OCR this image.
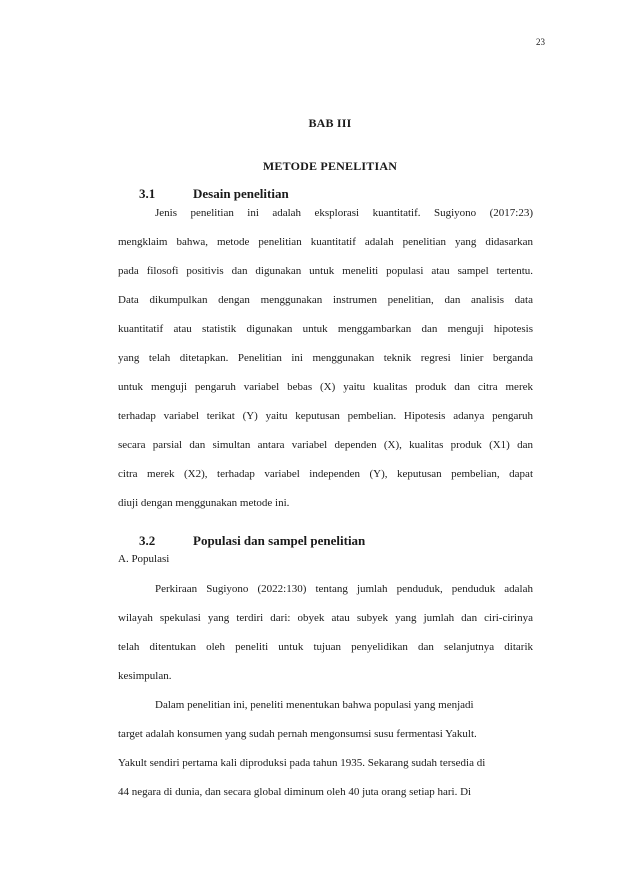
23
BAB III
METODE PENELITIAN
3.1	Desain penelitian
Jenis penelitian ini adalah eksplorasi kuantitatif. Sugiyono (2017:23)
mengklaim bahwa, metode penelitian kuantitatif adalah penelitian yang didasarkan
pada filosofi positivis dan digunakan untuk meneliti populasi atau sampel tertentu.
Data dikumpulkan dengan menggunakan instrumen penelitian, dan analisis data
kuantitatif atau statistik digunakan untuk menggambarkan dan menguji hipotesis
yang telah ditetapkan. Penelitian ini menggunakan teknik regresi linier berganda
untuk menguji pengaruh variabel bebas (X) yaitu kualitas produk dan citra merek
terhadap variabel terikat (Y) yaitu keputusan pembelian. Hipotesis adanya pengaruh
secara parsial dan simultan antara variabel dependen (X), kualitas produk (X1) dan
citra merek (X2), terhadap variabel independen (Y), keputusan pembelian, dapat
diuji dengan menggunakan metode ini.
3.2	Populasi dan sampel penelitian
A. Populasi
Perkiraan Sugiyono (2022:130) tentang jumlah penduduk, penduduk adalah
wilayah spekulasi yang terdiri dari: obyek atau subyek yang jumlah dan ciri-cirinya
telah ditentukan oleh peneliti untuk tujuan penyelidikan dan selanjutnya ditarik
kesimpulan.
Dalam penelitian ini, peneliti menentukan bahwa populasi yang menjadi
target adalah konsumen yang sudah pernah mengonsumsi susu fermentasi Yakult.
Yakult sendiri pertama kali diproduksi pada tahun 1935. Sekarang sudah tersedia di
44 negara di dunia, dan secara global diminum oleh 40 juta orang setiap hari. Di
